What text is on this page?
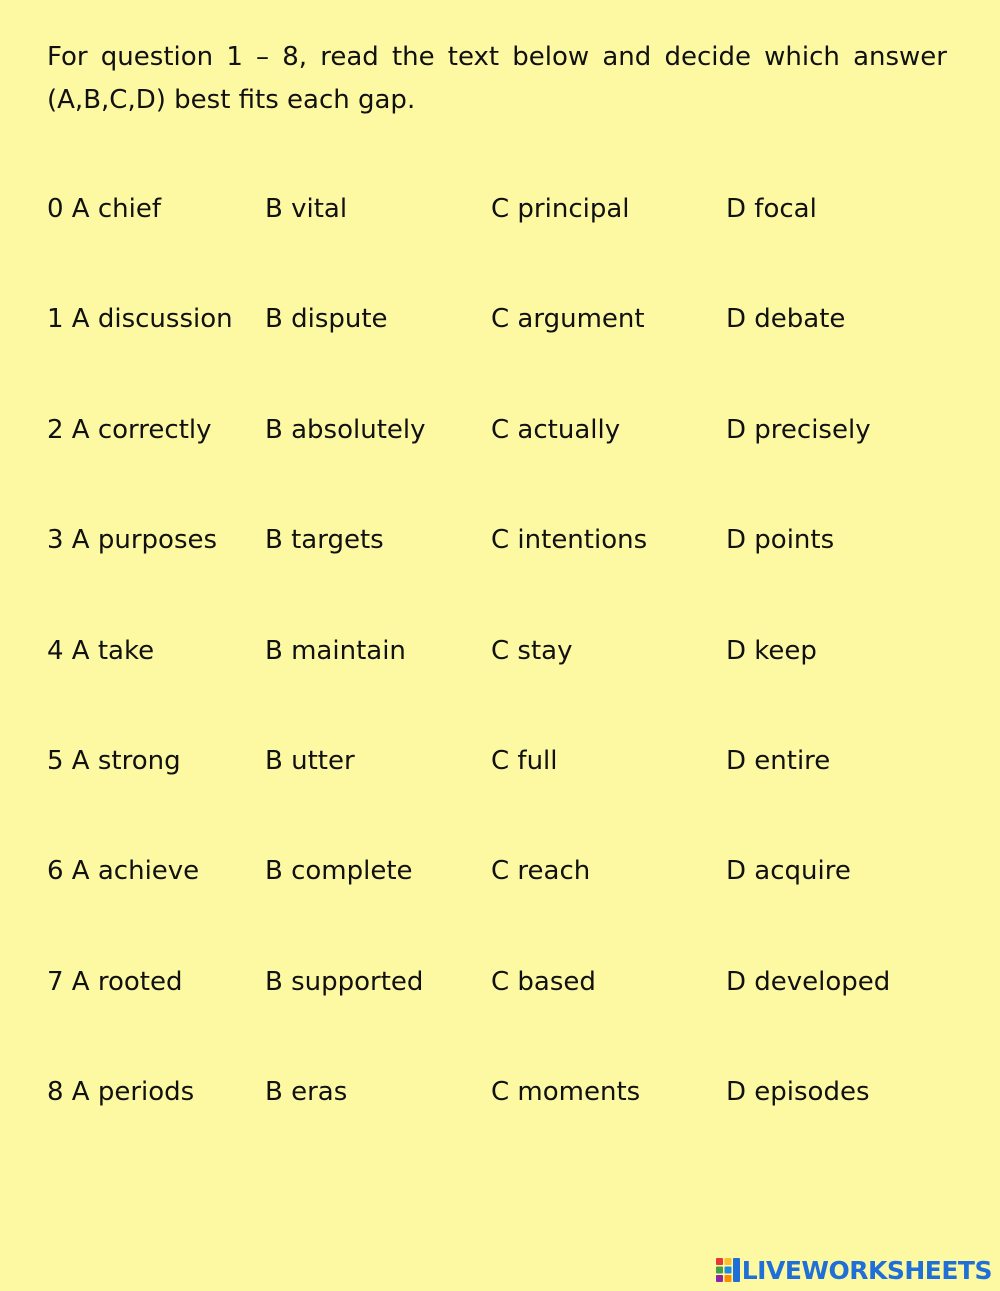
For question 1 – 8, read the text below and decide which answer (A,B,C,D) best fits each gap.
0 A chief	B vital	C principal	D focal
1 A discussion B dispute	C argument	D debate
2 A correctly B absolutely	C actually	D precisely
3 A purposes B targets	C intentions	D points
4 A take	B maintain	C stay	D keep
5 A strong	B utter	C full	D entire
6 A achieve	B complete	C reach	D acquire
7 A rooted	B supported	C based	D developed
8 A periods	B eras	C moments	D episodes
LIVEWORKSHEETS
